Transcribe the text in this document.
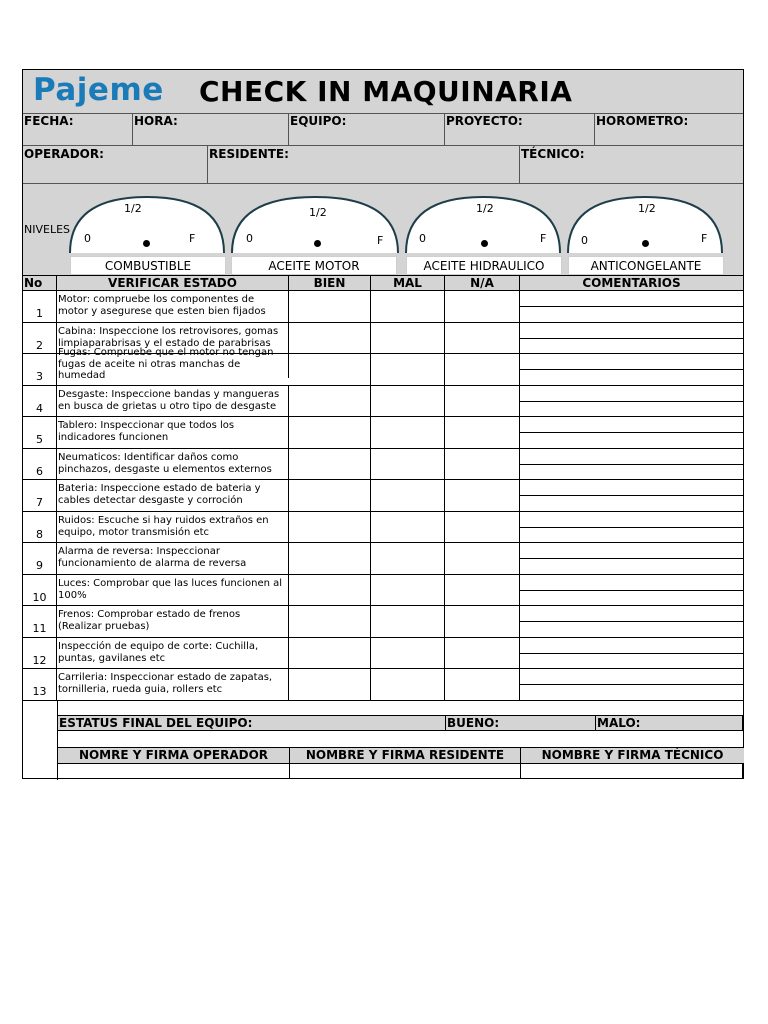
Pajeme CHECK IN MAQUINARIA
FECHA:	HORA:	EQUIPO:	PROYECTO:	HOROMETRO:
OPERADOR:	RESIDENTE:	TÉCNICO:
NIVELES
1/2
0	F
1/2
0	F
1/2
0	F
1/2
0	F
COMBUSTIBLE	ACEITE MOTOR	ACEITE HIDRAULICO	ANTICONGELANTE
No	VERIFICAR ESTADO	BIEN	MAL	N/A	COMENTARIOS
1
Motor: compruebe los componentes de
motor y asegurese que esten bien fijados
2
Cabina: Inspeccione los retrovisores, gomas
limpiaparabrisas y el estado de parabrisas
3
Fugas: Compruebe que el motor no tengan
fugas de aceite ni otras manchas de
humedad
4
Desgaste: Inspeccione bandas y mangueras
en busca de grietas u otro tipo de desgaste
5
Tablero: Inspeccionar que todos los
indicadores funcionen
6
Neumaticos: Identificar daños como
pinchazos, desgaste u elementos externos
7
Bateria: Inspeccione estado de bateria y
cables detectar desgaste y corroción
8
Ruidos: Escuche si hay ruidos extraños en
equipo, motor transmisión etc
9
Alarma de reversa: Inspeccionar
funcionamiento de alarma de reversa
10
Luces: Comprobar que las luces funcionen al
100%
11
Frenos: Comprobar estado de frenos
(Realizar pruebas)
12
Inspección de equipo de corte: Cuchilla,
puntas, gavilanes etc
13
Carrileria: Inspeccionar estado de zapatas,
tornilleria, rueda guia, rollers etc
ESTATUS FINAL DEL EQUIPO:	BUENO:	MALO:
NOMRE Y FIRMA OPERADOR	NOMBRE Y FIRMA RESIDENTE	NOMBRE Y FIRMA TÉCNICO
